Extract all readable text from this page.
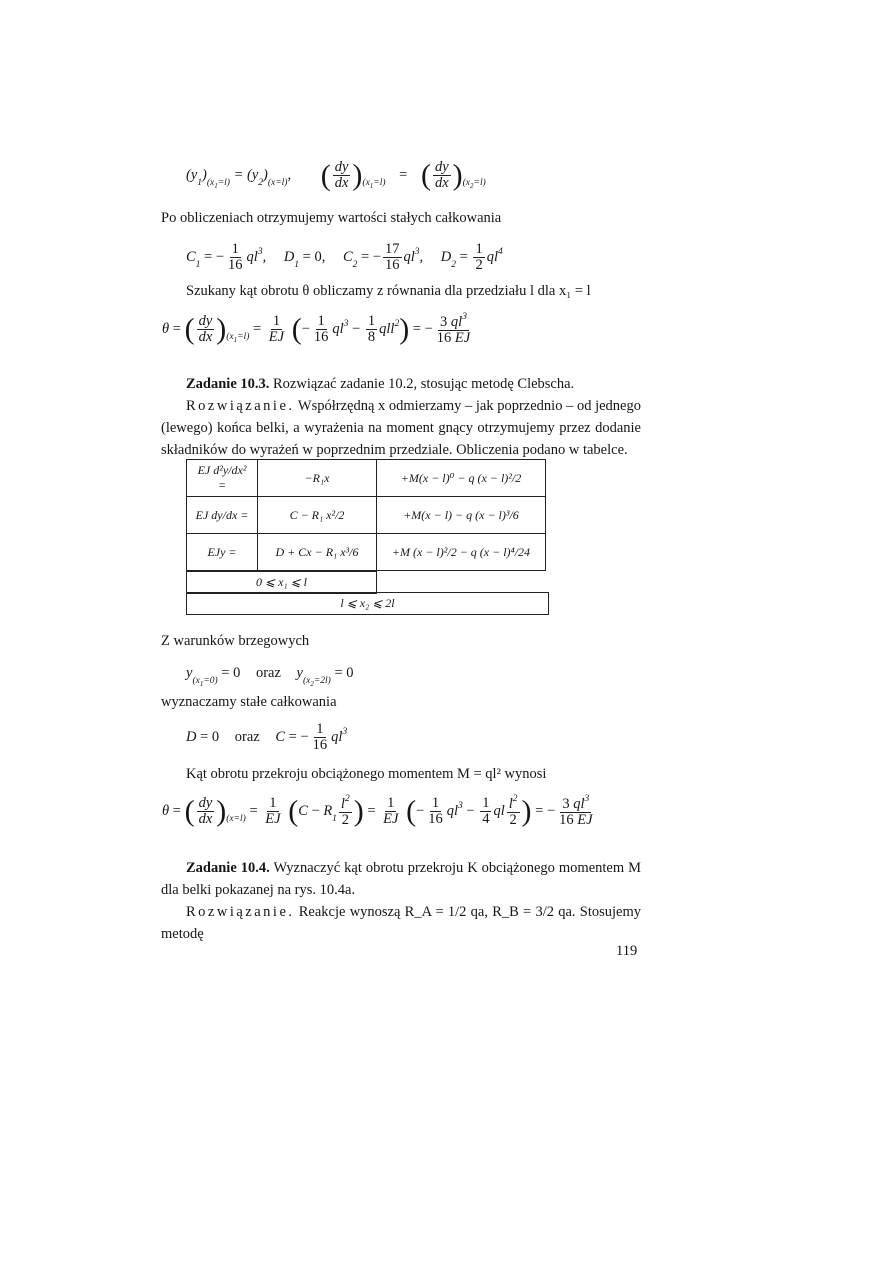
$(y_1)_{(x_1=l)} = (y_2)_{(x=l)}$, ( $\frac{dy}{dx} )_{(x_1=l)}$ = ( $\frac{dy}{dx} )_{(x_2=l)}$
Po obliczeniach otrzymujemy wartości stałych całkowania
$C_1$ = − $\frac{1}{16} ql^3$, $D_1 = 0$, $C_2$ = − $\frac{17}{16} ql^3$, $D_2 = \frac{1}{2} ql^4$
Szukany kąt obrotu θ obliczamy z równania dla przedziału l dla x₁ = l
θ = ( $\frac{dy}{dx} )_{(x_1=l)} = \frac{1}{EJ}$ (− $\frac{1}{16} ql^3 - \frac{1}{8} qll^2$) = − $\frac{3 ql^3}{16 EJ}$
Zadanie 10.3. Rozwiązać zadanie 10.2, stosując metodę Clebscha.
Rozwiązanie. Współrzędną x odmierzamy – jak poprzednio – od jednego (lewego) końca belki, a wyrażenia na moment gnący otrzymujemy przez dodanie składników do wyrażeń w poprzednim przedziale. Obliczenia podano w tabelce.
EJ d²y/dx² =	−R₁x	+M(x − l)⁰ − q (x − l)²/2
EJ dy/dx =	C − R₁ x²/2	+M(x − l) − q (x − l)³/6
EJy =	D + Cx − R₁ x³/6	+M (x − l)²/2 − q (x − l)⁴/24
0 ⩽ x₁ ⩽ l
l ⩽ x₂ ⩽ 2l
Z warunków brzegowych
$y_{(x_1=0)} = 0$ oraz $y_{(x_2=2l)} = 0$
wyznaczamy stałe całkowania
D = 0 oraz C = − $\frac{1}{16} ql^3$
Kąt obrotu przekroju obciążonego momentem M = ql² wynosi
θ = ( $\frac{dy}{dx} )_{(x=l)} = \frac{1}{EJ} (C - R_1 \frac{l^2}{2}$ ) = $\frac{1}{EJ}$ (− $\frac{1}{16} ql^3 - \frac{1}{4}$ ql $\frac{l^2}{2}$ ) = − $\frac{3 ql^3}{16 EJ}$
Zadanie 10.4. Wyznaczyć kąt obrotu przekroju K obciążonego momentem M dla belki pokazanej na rys. 10.4a.
Rozwiązanie. Reakcje wynoszą R_A = 1/2 qa, R_B = 3/2 qa. Stosujemy metodę
119
